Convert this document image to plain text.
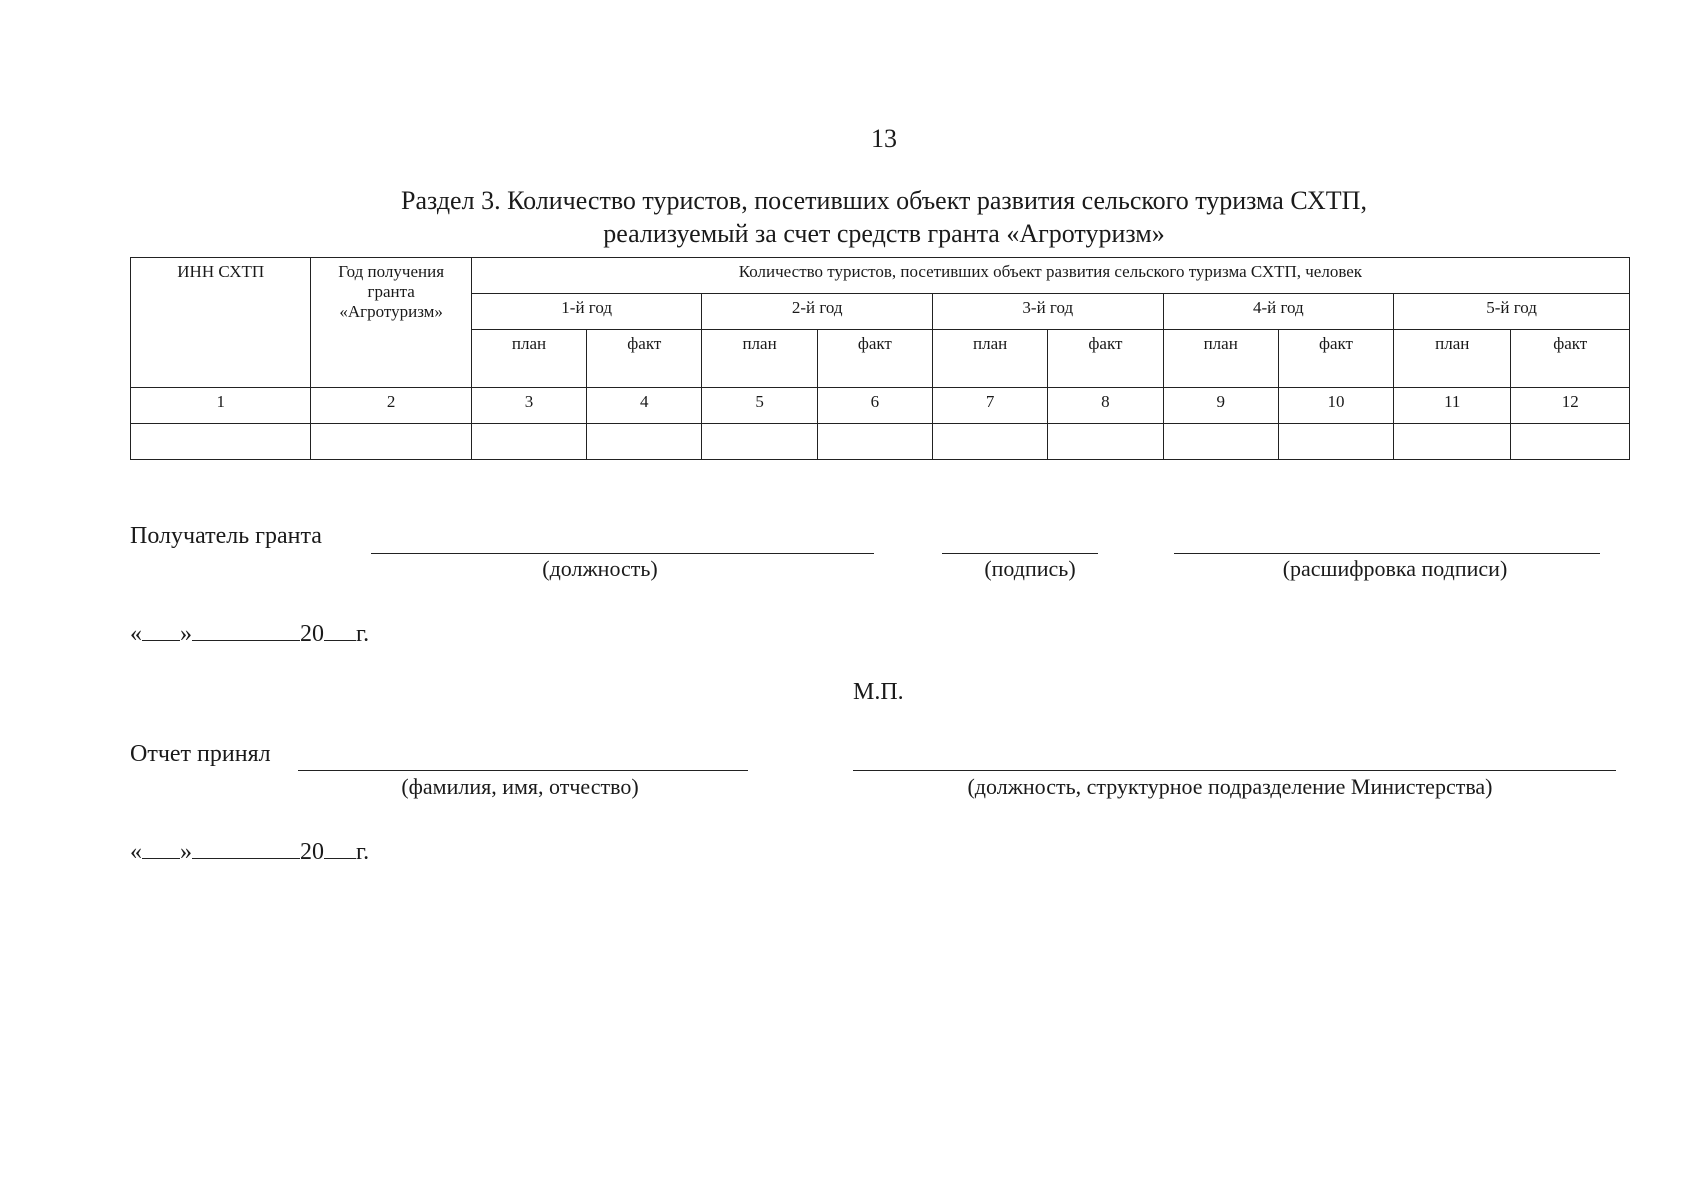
13
Раздел 3. Количество туристов, посетивших объект развития сельского туризма СХТП,
реализуемый за счет средств гранта «Агротуризм»
ИНН СХТП	Год получения гранта «Агротуризм»	Количество туристов, посетивших объект развития сельского туризма СХТП, человек									
		1-й год		2-й год		3-й год		4-й год		5-й год	
		план	факт	план	факт	план	факт	план	факт	план	факт
1	2	3	4	5	6	7	8	9	10	11	12

Получатель гранта
(должность)	(подпись)	(расшифровка подписи)
« »	20 г.
М.П.
Отчет принял
(фамилия, имя, отчество)	(должность, структурное подразделение Министерства)
« »	20 г.
